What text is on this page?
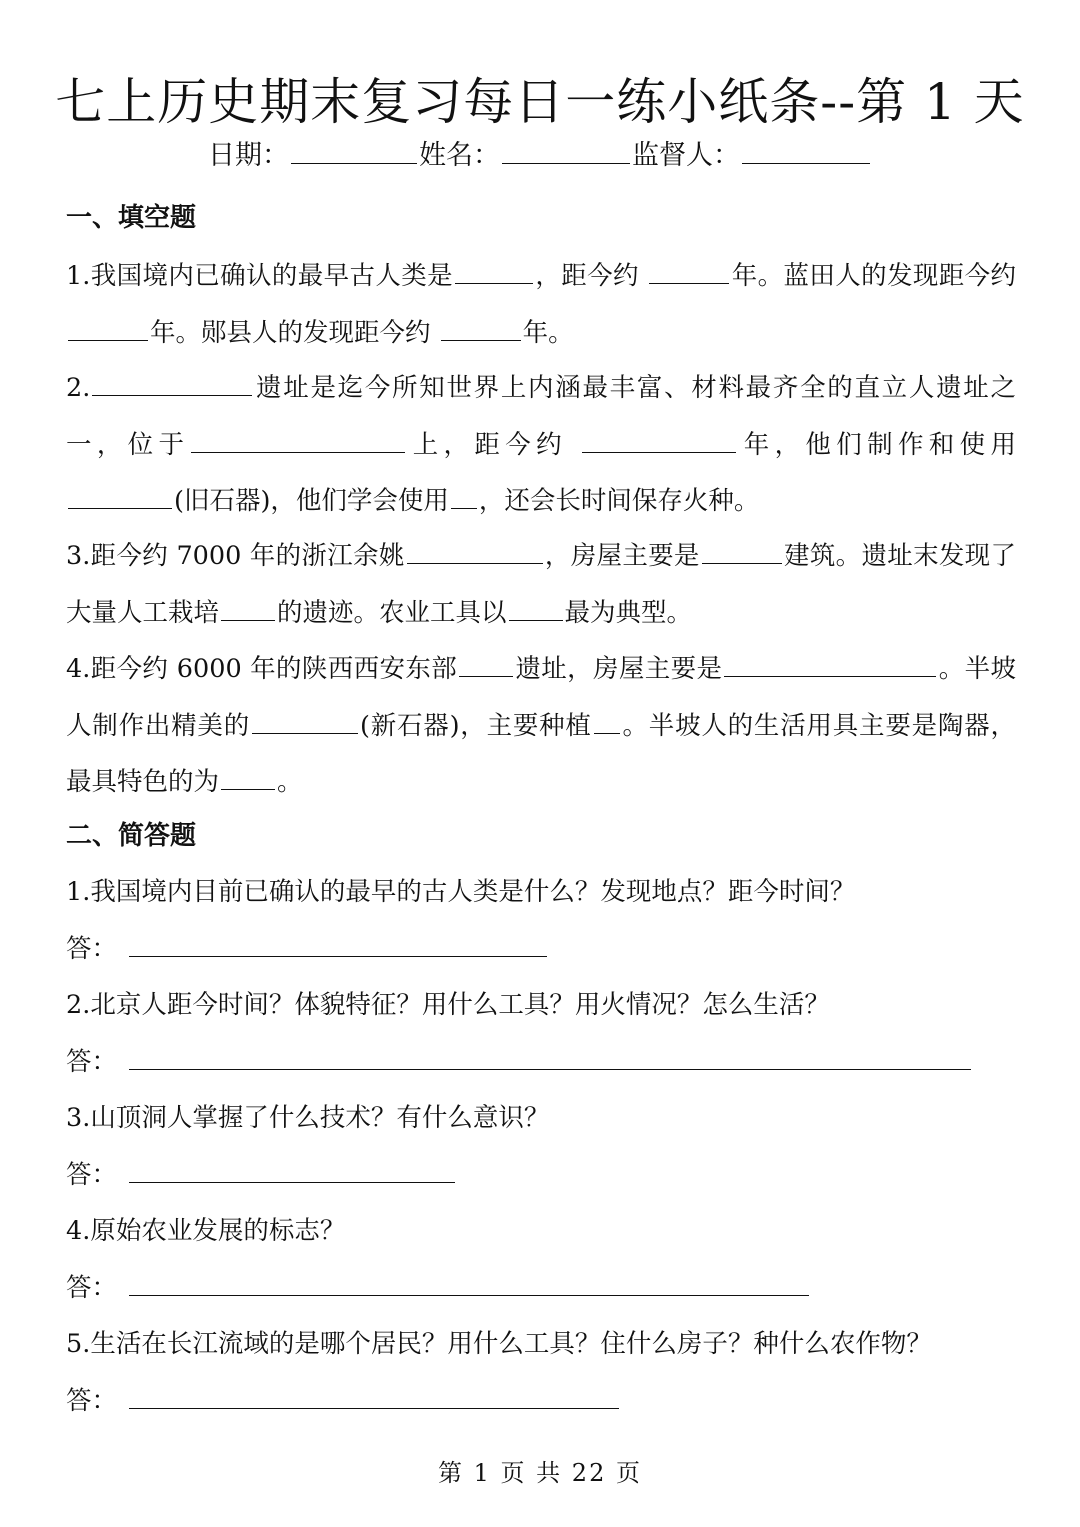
七上历史期末复习每日一练小纸条--第 1 天
日期：	姓名：	监督人：
一、填空题

1.我国境内已确认的最早古人类是	，距今约	年。蓝田人的发现距今约 年。郧县人的发现距今约	年。

2.	遗址是迄今所知世界上内涵最丰富、材料最齐全的直立人遗址之一，位于	上，距今约	年，他们制作和使用(旧石器)，他们学会使用 ，还会长时间保存火种。

3.距今约 7000 年的浙江余姚	，房屋主要是	建筑。遗址末发现了大量人工栽培 的遗迹。农业工具以 最为典型。

4.距今约 6000 年的陕西西安东部 遗址，房屋主要是	。半坡人制作出精美的	(新石器)，主要种植 。半坡人的生活用具主要是陶器，最具特色的为 。

二、简答题

1.我国境内目前已确认的最早的古人类是什么？发现地点？距今时间？

答：

2.北京人距今时间？体貌特征？用什么工具？用火情况？怎么生活？

答：

3.山顶洞人掌握了什么技术？有什么意识？

答：

4.原始农业发展的标志？

答：

5.生活在长江流域的是哪个居民？用什么工具？住什么房子？种什么农作物？

答：
第 1 页 共 22 页
